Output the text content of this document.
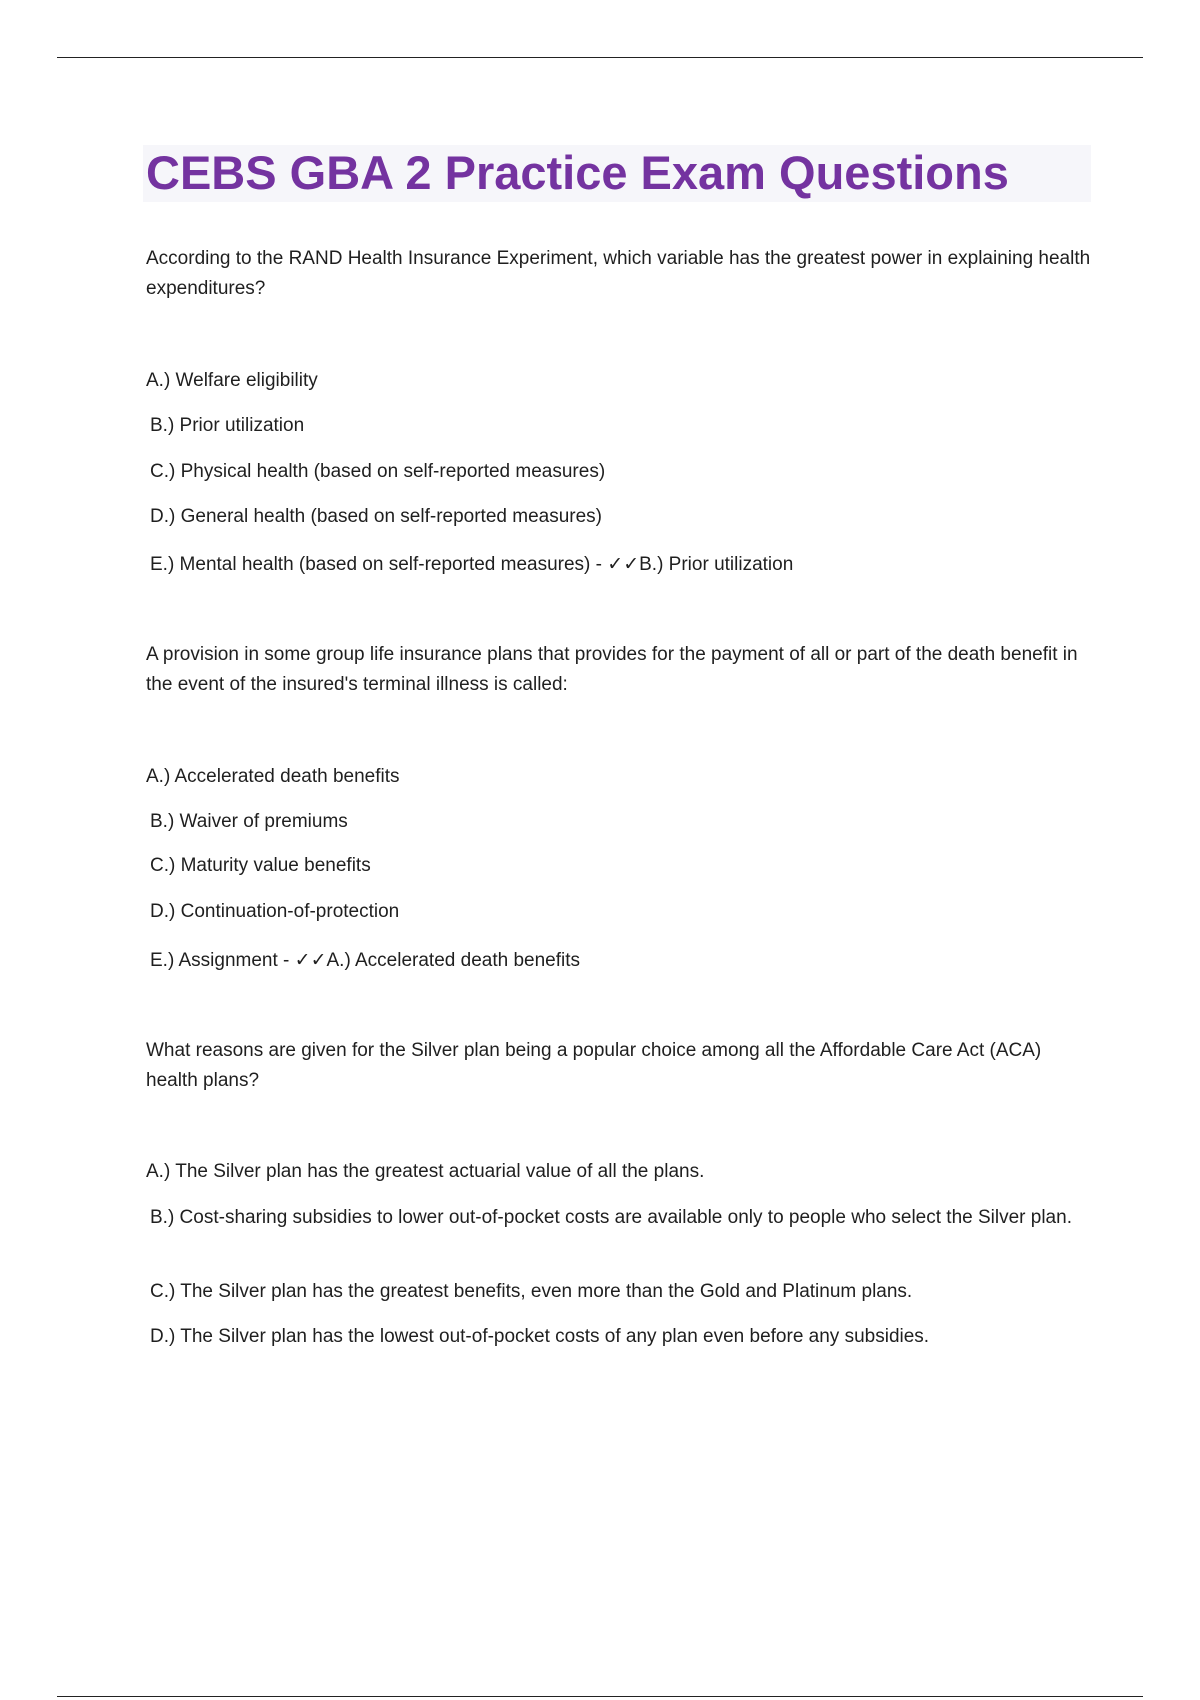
CEBS GBA 2 Practice Exam Questions

According to the RAND Health Insurance Experiment, which variable has the greatest power in explaining health expenditures?

A.) Welfare eligibility

B.) Prior utilization

C.) Physical health (based on self-reported measures)

D.) General health (based on self-reported measures)

E.) Mental health (based on self-reported measures) - ✓✓B.) Prior utilization

A provision in some group life insurance plans that provides for the payment of all or part of the death benefit in the event of the insured's terminal illness is called:

A.) Accelerated death benefits

B.) Waiver of premiums

C.) Maturity value benefits

D.) Continuation-of-protection

E.) Assignment - ✓✓A.) Accelerated death benefits

What reasons are given for the Silver plan being a popular choice among all the Affordable Care Act (ACA) health plans?

A.) The Silver plan has the greatest actuarial value of all the plans.

B.) Cost-sharing subsidies to lower out-of-pocket costs are available only to people who select the Silver plan.

C.) The Silver plan has the greatest benefits, even more than the Gold and Platinum plans.

D.) The Silver plan has the lowest out-of-pocket costs of any plan even before any subsidies.
